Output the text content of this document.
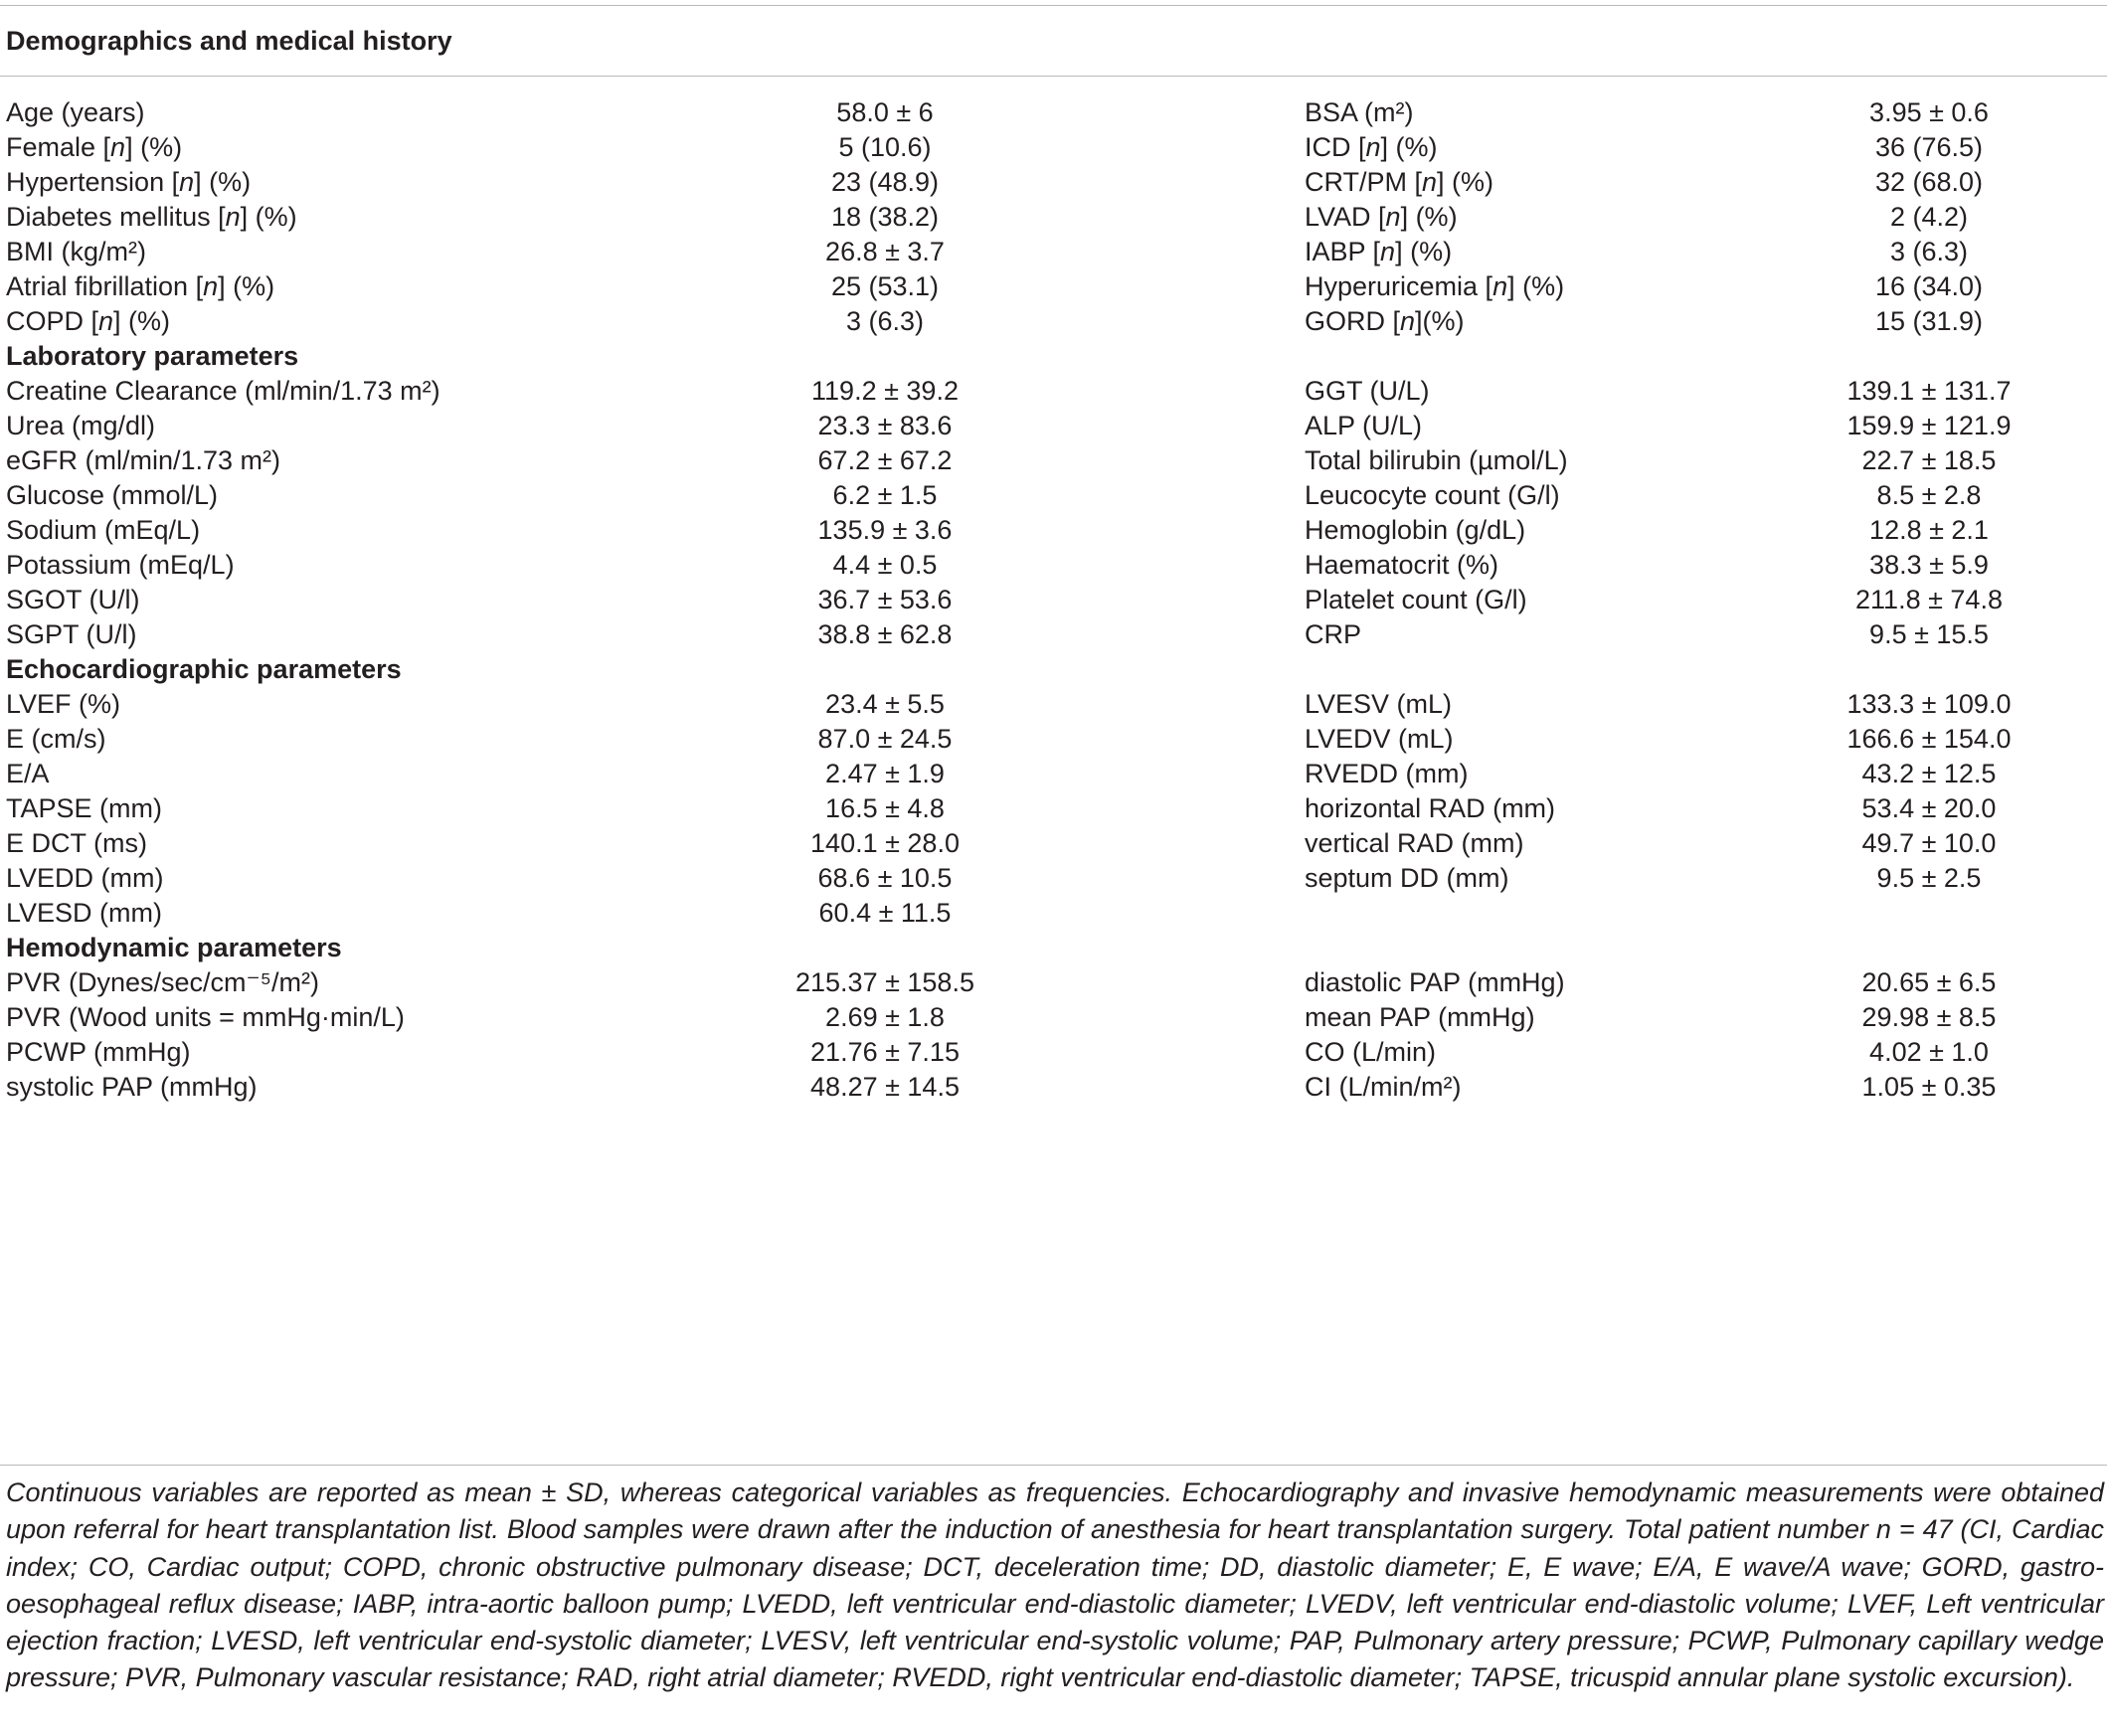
Demographics and medical history
Age (years)	58.0 ± 6	BSA (m²)	3.95 ± 0.6
Female [n] (%)	5 (10.6)	ICD [n] (%)	36 (76.5)
Hypertension [n] (%)	23 (48.9)	CRT/PM [n] (%)	32 (68.0)
Diabetes mellitus [n] (%)	18 (38.2)	LVAD [n] (%)	2 (4.2)
BMI (kg/m²)	26.8 ± 3.7	IABP [n] (%)	3 (6.3)
Atrial fibrillation [n] (%)	25 (53.1)	Hyperuricemia [n] (%)	16 (34.0)
COPD [n] (%)	3 (6.3)	GORD [n](%)	15 (31.9)
Laboratory parameters
Creatine Clearance (ml/min/1.73 m²)	119.2 ± 39.2	GGT (U/L)	139.1 ± 131.7
Urea (mg/dl)	23.3 ± 83.6	ALP (U/L)	159.9 ± 121.9
eGFR (ml/min/1.73 m²)	67.2 ± 67.2	Total bilirubin (µmol/L)	22.7 ± 18.5
Glucose (mmol/L)	6.2 ± 1.5	Leucocyte count (G/l)	8.5 ± 2.8
Sodium (mEq/L)	135.9 ± 3.6	Hemoglobin (g/dL)	12.8 ± 2.1
Potassium (mEq/L)	4.4 ± 0.5	Haematocrit (%)	38.3 ± 5.9
SGOT (U/l)	36.7 ± 53.6	Platelet count (G/l)	211.8 ± 74.8
SGPT (U/l)	38.8 ± 62.8	CRP	9.5 ± 15.5
Echocardiographic parameters
LVEF (%)	23.4 ± 5.5	LVESV (mL)	133.3 ± 109.0
E (cm/s)	87.0 ± 24.5	LVEDV (mL)	166.6 ± 154.0
E/A	2.47 ± 1.9	RVEDD (mm)	43.2 ± 12.5
TAPSE (mm)	16.5 ± 4.8	horizontal RAD (mm)	53.4 ± 20.0
E DCT (ms)	140.1 ± 28.0	vertical RAD (mm)	49.7 ± 10.0
LVEDD (mm)	68.6 ± 10.5	septum DD (mm)	9.5 ± 2.5
LVESD (mm)	60.4 ± 11.5
Hemodynamic parameters
PVR (Dynes/sec/cm⁻⁵/m²)	215.37 ± 158.5	diastolic PAP (mmHg)	20.65 ± 6.5
PVR (Wood units = mmHg·min/L)	2.69 ± 1.8	mean PAP (mmHg)	29.98 ± 8.5
PCWP (mmHg)	21.76 ± 7.15	CO (L/min)	4.02 ± 1.0
systolic PAP (mmHg)	48.27 ± 14.5	CI (L/min/m²)	1.05 ± 0.35
Continuous variables are reported as mean ± SD, whereas categorical variables as frequencies. Echocardiography and invasive hemodynamic measurements were obtained upon referral for heart transplantation list. Blood samples were drawn after the induction of anesthesia for heart transplantation surgery. Total patient number n = 47 (CI, Cardiac index; CO, Cardiac output; COPD, chronic obstructive pulmonary disease; DCT, deceleration time; DD, diastolic diameter; E, E wave; E/A, E wave/A wave; GORD, gastro-oesophageal reflux disease; IABP, intra-aortic balloon pump; LVEDD, left ventricular end-diastolic diameter; LVEDV, left ventricular end-diastolic volume; LVEF, Left ventricular ejection fraction; LVESD, left ventricular end-systolic diameter; LVESV, left ventricular end-systolic volume; PAP, Pulmonary artery pressure; PCWP, Pulmonary capillary wedge pressure; PVR, Pulmonary vascular resistance; RAD, right atrial diameter; RVEDD, right ventricular end-diastolic diameter; TAPSE, tricuspid annular plane systolic excursion).
